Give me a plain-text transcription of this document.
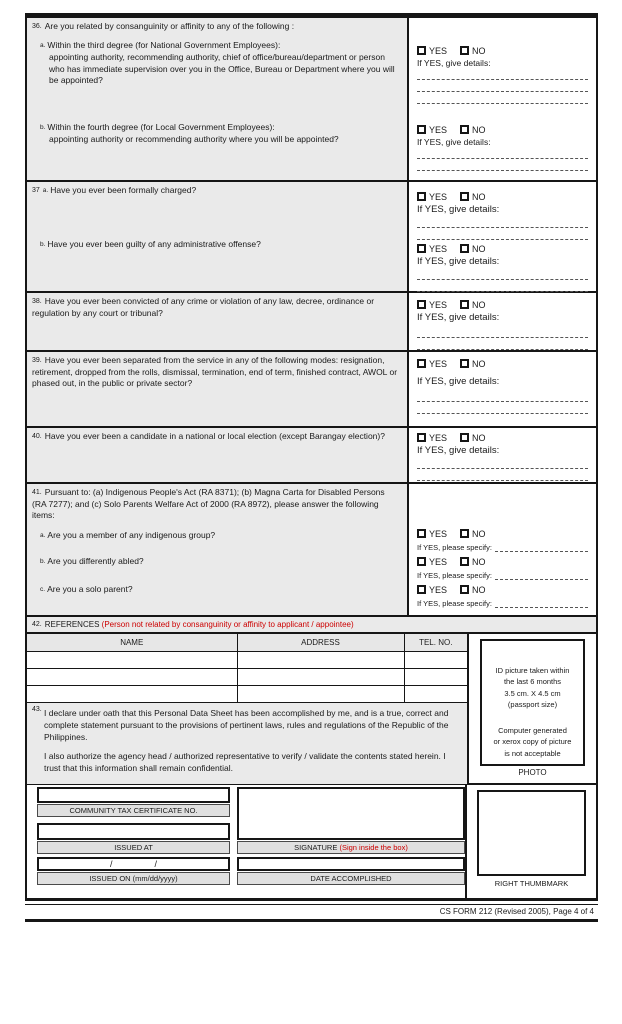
36. Are you related by consanguinity or affinity to any of the following :
a. Within the third degree (for National Government Employees):
appointing authority, recommending authority, chief of office/bureau/department or person who has immediate supervision over you in the Office, Bureau or Department where you will be appointed?
b. Within the fourth degree (for Local Government Employees):
appointing authority or recommending authority where you will be appointed?
YES	NO
If YES, give details:
YES	NO
If YES, give details:
37 a. Have you ever been formally charged?
b. Have you ever been guilty of any administrative offense?
YES	NO
If YES, give details:
YES	NO
If YES, give details:
38. Have you ever been convicted of any crime or violation of any law, decree, ordinance or regulation by any court or tribunal?
YES	NO
If YES, give details:
39. Have you ever been separated from the service in any of the following modes: resignation, retirement, dropped from the rolls, dismissal, termination, end of term, finished contract, AWOL or phased out, in the public or private sector?
YES	NO
If YES, give details:
40. Have you ever been a candidate in a national or local election (except Barangay election)?	YES	NO
If YES, give details:
41. Pursuant to: (a) Indigenous People's Act (RA 8371); (b) Magna Carta for Disabled Persons (RA 7277); and (c) Solo Parents Welfare Act of 2000 (RA 8972), please answer the following items:
a. Are you a member of any indigenous group?
b. Are you differently abled?
c. Are you a solo parent?
YES	NO
If YES, please specify:
YES	NO
If YES, please specify:
YES	NO
If YES, please specify:
42. REFERENCES (Person not related by consanguinity or affinity to applicant / appointee)
NAME	ADDRESS	TEL. NO.

43. I declare under oath that this Personal Data Sheet has been accomplished by me, and is a true, correct and complete statement pursuant to the provisions of pertinent laws, rules and regulations of the Republic of the Philippines.

I also authorize the agency head / authorized representative to verify / validate the contents stated herein. I trust that this information shall remain confidential.

ID picture taken within
the last 6 months
3.5 cm. X 4.5 cm
(passport size)
Computer generated
or xerox copy of picture
is not acceptable
PHOTO
COMMUNITY TAX CERTIFICATE NO.
ISSUED AT
/	/
ISSUED ON (mm/dd/yyyy)
SIGNATURE (Sign inside the box)
DATE ACCOMPLISHED
RIGHT THUMBMARK
CS FORM 212 (Revised 2005), Page 4 of 4
